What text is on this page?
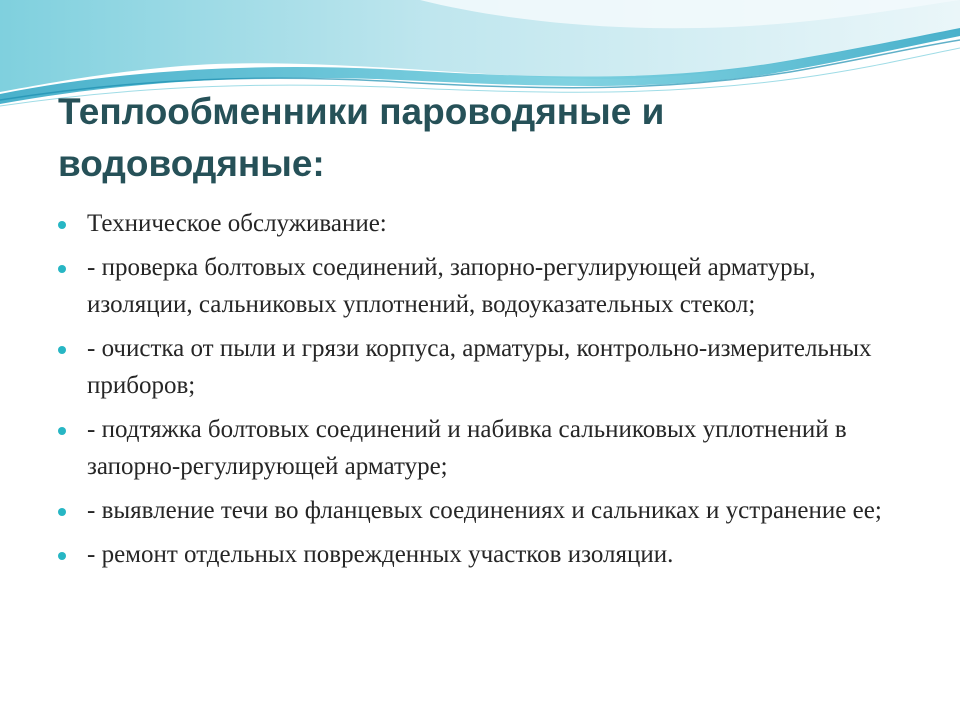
Теплообменники пароводяные и водоводяные:
Техническое обслуживание:
- проверка болтовых соединений, запорно-регулирующей арматуры, изоляции, сальниковых уплотнений, водоуказательных стекол;
- очистка от пыли и грязи корпуса, арматуры, контрольно-измерительных приборов;
- подтяжка болтовых соединений и набивка сальниковых уплотнений в запорно-регулирующей арматуре;
- выявление течи во фланцевых соединениях и сальниках и устранение ее;
- ремонт отдельных поврежденных участков изоляции.
